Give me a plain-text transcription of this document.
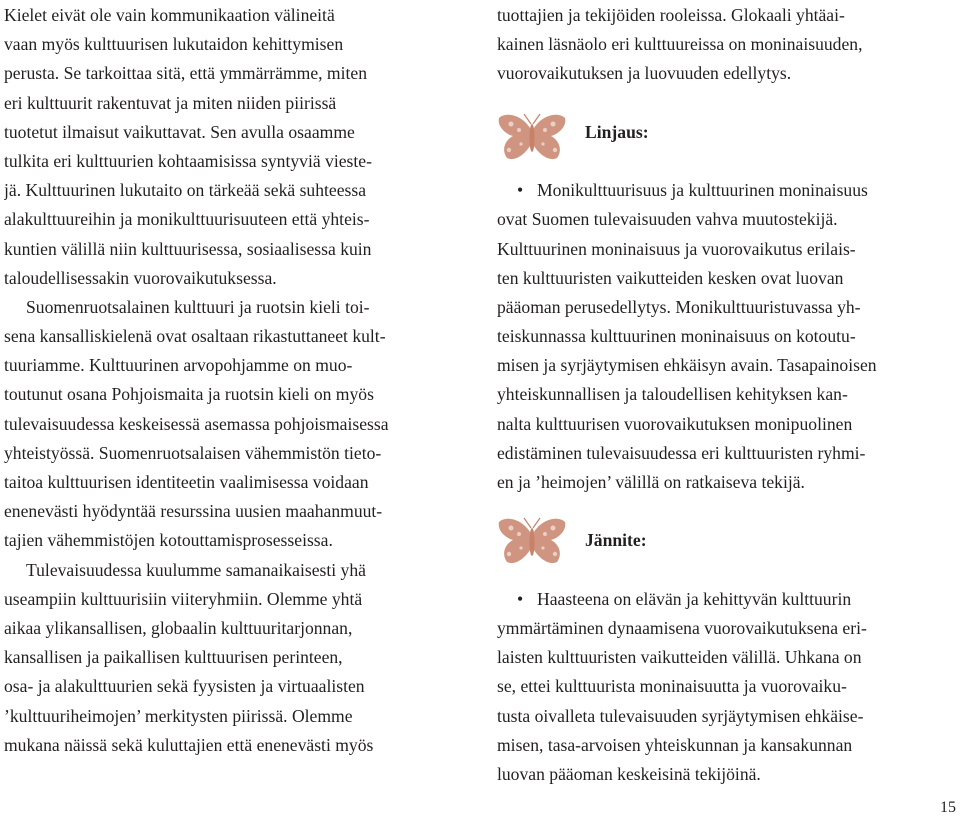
Kielet eivät ole vain kommunikaation välineitä
vaan myös kulttuurisen lukutaidon kehittymisen
perusta. Se tarkoittaa sitä, että ymmärrämme, miten
eri kulttuurit rakentuvat ja miten niiden piirissä
tuotetut ilmaisut vaikuttavat. Sen avulla osaamme
tulkita eri kulttuurien kohtaamisissa syntyviä vieste-
jä. Kulttuurinen lukutaito on tärkeää sekä suhteessa
alakulttuureihin ja monikulttuurisuuteen että yhteis-
kuntien välillä niin kulttuurisessa, sosiaalisessa kuin
taloudellisessakin vuorovaikutuksessa.
Suomenruotsalainen kulttuuri ja ruotsin kieli toi-
sena kansalliskielenä ovat osaltaan rikastuttaneet kult-
tuuriamme. Kulttuurinen arvopohjamme on muo-
toutunut osana Pohjoismaita ja ruotsin kieli on myös
tulevaisuudessa keskeisessä asemassa pohjoismaisessa
yhteistyössä. Suomenruotsalaisen vähemmistön tieto-
taitoa kulttuurisen identiteetin vaalimisessa voidaan
enenevästi hyödyntää resurssina uusien maahanmuut-
tajien vähemmistöjen kotouttamisprosesseissa.
Tulevaisuudessa kuulumme samanaikaisesti yhä
useampiin kulttuurisiin viiteryhmiin. Olemme yhtä
aikaa ylikansallisen, globaalin kulttuuritarjonnan,
kansallisen ja paikallisen kulttuurisen perinteen,
osa- ja alakulttuurien sekä fyysisten ja virtuaalisten
’kulttuuriheimojen’ merkitysten piirissä. Olemme
mukana näissä sekä kuluttajien että enenevästi myös
tuottajien ja tekijöiden rooleissa. Glokaali yhtäai-
kainen läsnäolo eri kulttuureissa on moninaisuuden,
vuorovaikutuksen ja luovuuden edellytys.
Linjaus:
• Monikulttuurisuus ja kulttuurinen moninaisuus
ovat Suomen tulevaisuuden vahva muutostekijä.
Kulttuurinen moninaisuus ja vuorovaikutus erilais-
ten kulttuuristen vaikutteiden kesken ovat luovan
pääoman perusedellytys. Monikulttuuristuvassa yh-
teiskunnassa kulttuurinen moninaisuus on kotoutu-
misen ja syrjäytymisen ehkäisyn avain. Tasapainoisen
yhteiskunnallisen ja taloudellisen kehityksen kan-
nalta kulttuurisen vuorovaikutuksen monipuolinen
edistäminen tulevaisuudessa eri kulttuuristen ryhmi-
en ja ’heimojen’ välillä on ratkaiseva tekijä.
Jännite:
• Haasteena on elävän ja kehittyvän kulttuurin
ymmärtäminen dynaamisena vuorovaikutuksena eri-
laisten kulttuuristen vaikutteiden välillä. Uhkana on
se, ettei kulttuurista moninaisuutta ja vuorovaiku-
tusta oivalleta tulevaisuuden syrjäytymisen ehkäise-
misen, tasa-arvoisen yhteiskunnan ja kansakunnan
luovan pääoman keskeisinä tekijöinä.
15
